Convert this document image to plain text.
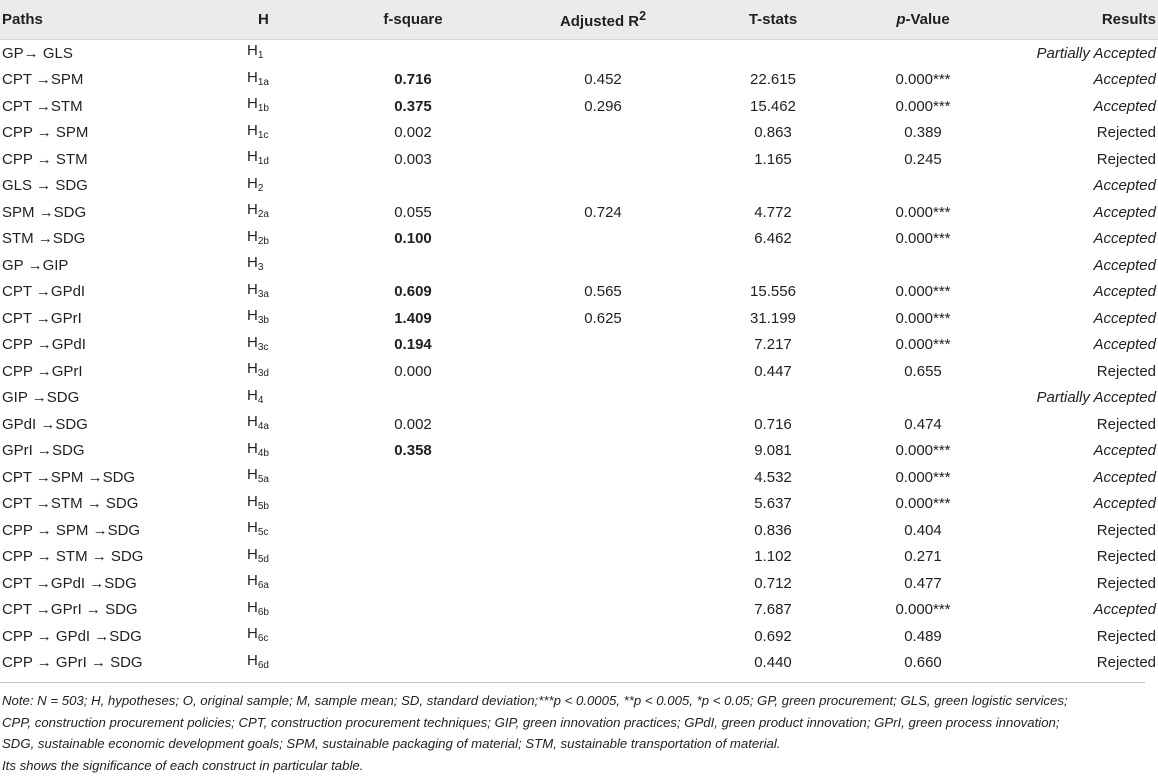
Paths	H	f-square	Adjusted $R^2$	T-stats	p-Value	Results
GP→ GLS	$H_1$					Partially Accepted
CPT →SPM	$H_{1a}$	0.716	0.452	22.615	0.000***	Accepted
CPT →STM	$H_{1b}$	0.375	0.296	15.462	0.000***	Accepted
CPP → SPM	$H_{1c}$	0.002		0.863	0.389	Rejected
CPP → STM	$H_{1d}$	0.003		1.165	0.245	Rejected
GLS → SDG	$H_2$					Accepted
SPM →SDG	$H_{2a}$	0.055	0.724	4.772	0.000***	Accepted
STM →SDG	$H_{2b}$	0.100		6.462	0.000***	Accepted
GP →GIP	$H_3$					Accepted
CPT →GPdI	$H_{3a}$	0.609	0.565	15.556	0.000***	Accepted
CPT →GPrI	$H_{3b}$	1.409	0.625	31.199	0.000***	Accepted
CPP →GPdI	$H_{3c}$	0.194		7.217	0.000***	Accepted
CPP →GPrI	$H_{3d}$	0.000		0.447	0.655	Rejected
GIP →SDG	$H_4$					Partially Accepted
GPdI →SDG	$H_{4a}$	0.002		0.716	0.474	Rejected
GPrI →SDG	$H_{4b}$	0.358		9.081	0.000***	Accepted
CPT →SPM →SDG	$H_{5a}$			4.532	0.000***	Accepted
CPT →STM → SDG	$H_{5b}$			5.637	0.000***	Accepted
CPP → SPM →SDG	$H_{5c}$			0.836	0.404	Rejected
CPP → STM → SDG	$H_{5d}$			1.102	0.271	Rejected
CPT →GPdI →SDG	$H_{6a}$			0.712	0.477	Rejected
CPT →GPrI → SDG	$H_{6b}$			7.687	0.000***	Accepted
CPP → GPdI →SDG	$H_{6c}$			0.692	0.489	Rejected
CPP → GPrI → SDG	$H_{6d}$			0.440	0.660	Rejected
Note: N = 503; H, hypotheses; O, original sample; M, sample mean; SD, standard deviation;***p < 0.0005, **p < 0.005, *p < 0.05; GP, green procurement; GLS, green logistic services;
CPP, construction procurement policies; CPT, construction procurement techniques; GIP, green innovation practices; GPdI, green product innovation; GPrI, green process innovation;
SDG, sustainable economic development goals; SPM, sustainable packaging of material; STM, sustainable transportation of material.
Its shows the significance of each construct in particular table.
